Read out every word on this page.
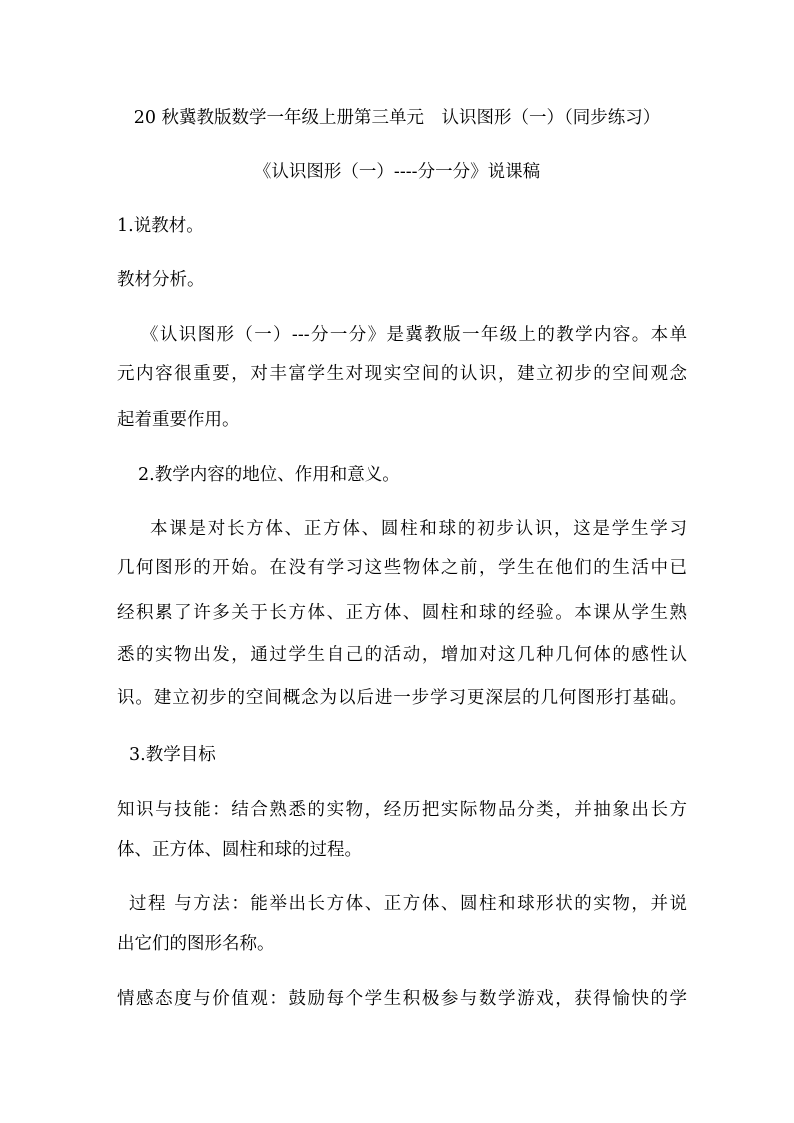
20 秋冀教版数学一年级上册第三单元　认识图形（一）（同步练习）
《认识图形（一）----分一分》说课稿
1.说教材。
教材分析。
《认识图形（一）---分一分》是冀教版一年级上的教学内容。本单
元内容很重要，对丰富学生对现实空间的认识，建立初步的空间观念
起着重要作用。
2.教学内容的地位、作用和意义。
本课是对长方体、正方体、圆柱和球的初步认识，这是学生学习
几何图形的开始。在没有学习这些物体之前，学生在他们的生活中已
经积累了许多关于长方体、正方体、圆柱和球的经验。本课从学生熟
悉的实物出发，通过学生自己的活动，增加对这几种几何体的感性认
识。建立初步的空间概念为以后进一步学习更深层的几何图形打基础。
3.教学目标
知识与技能：结合熟悉的实物，经历把实际物品分类，并抽象出长方
体、正方体、圆柱和球的过程。
过程 与方法：能举出长方体、正方体、圆柱和球形状的实物，并说
出它们的图形名称。
情感态度与价值观：鼓励每个学生积极参与数学游戏，获得愉快的学
